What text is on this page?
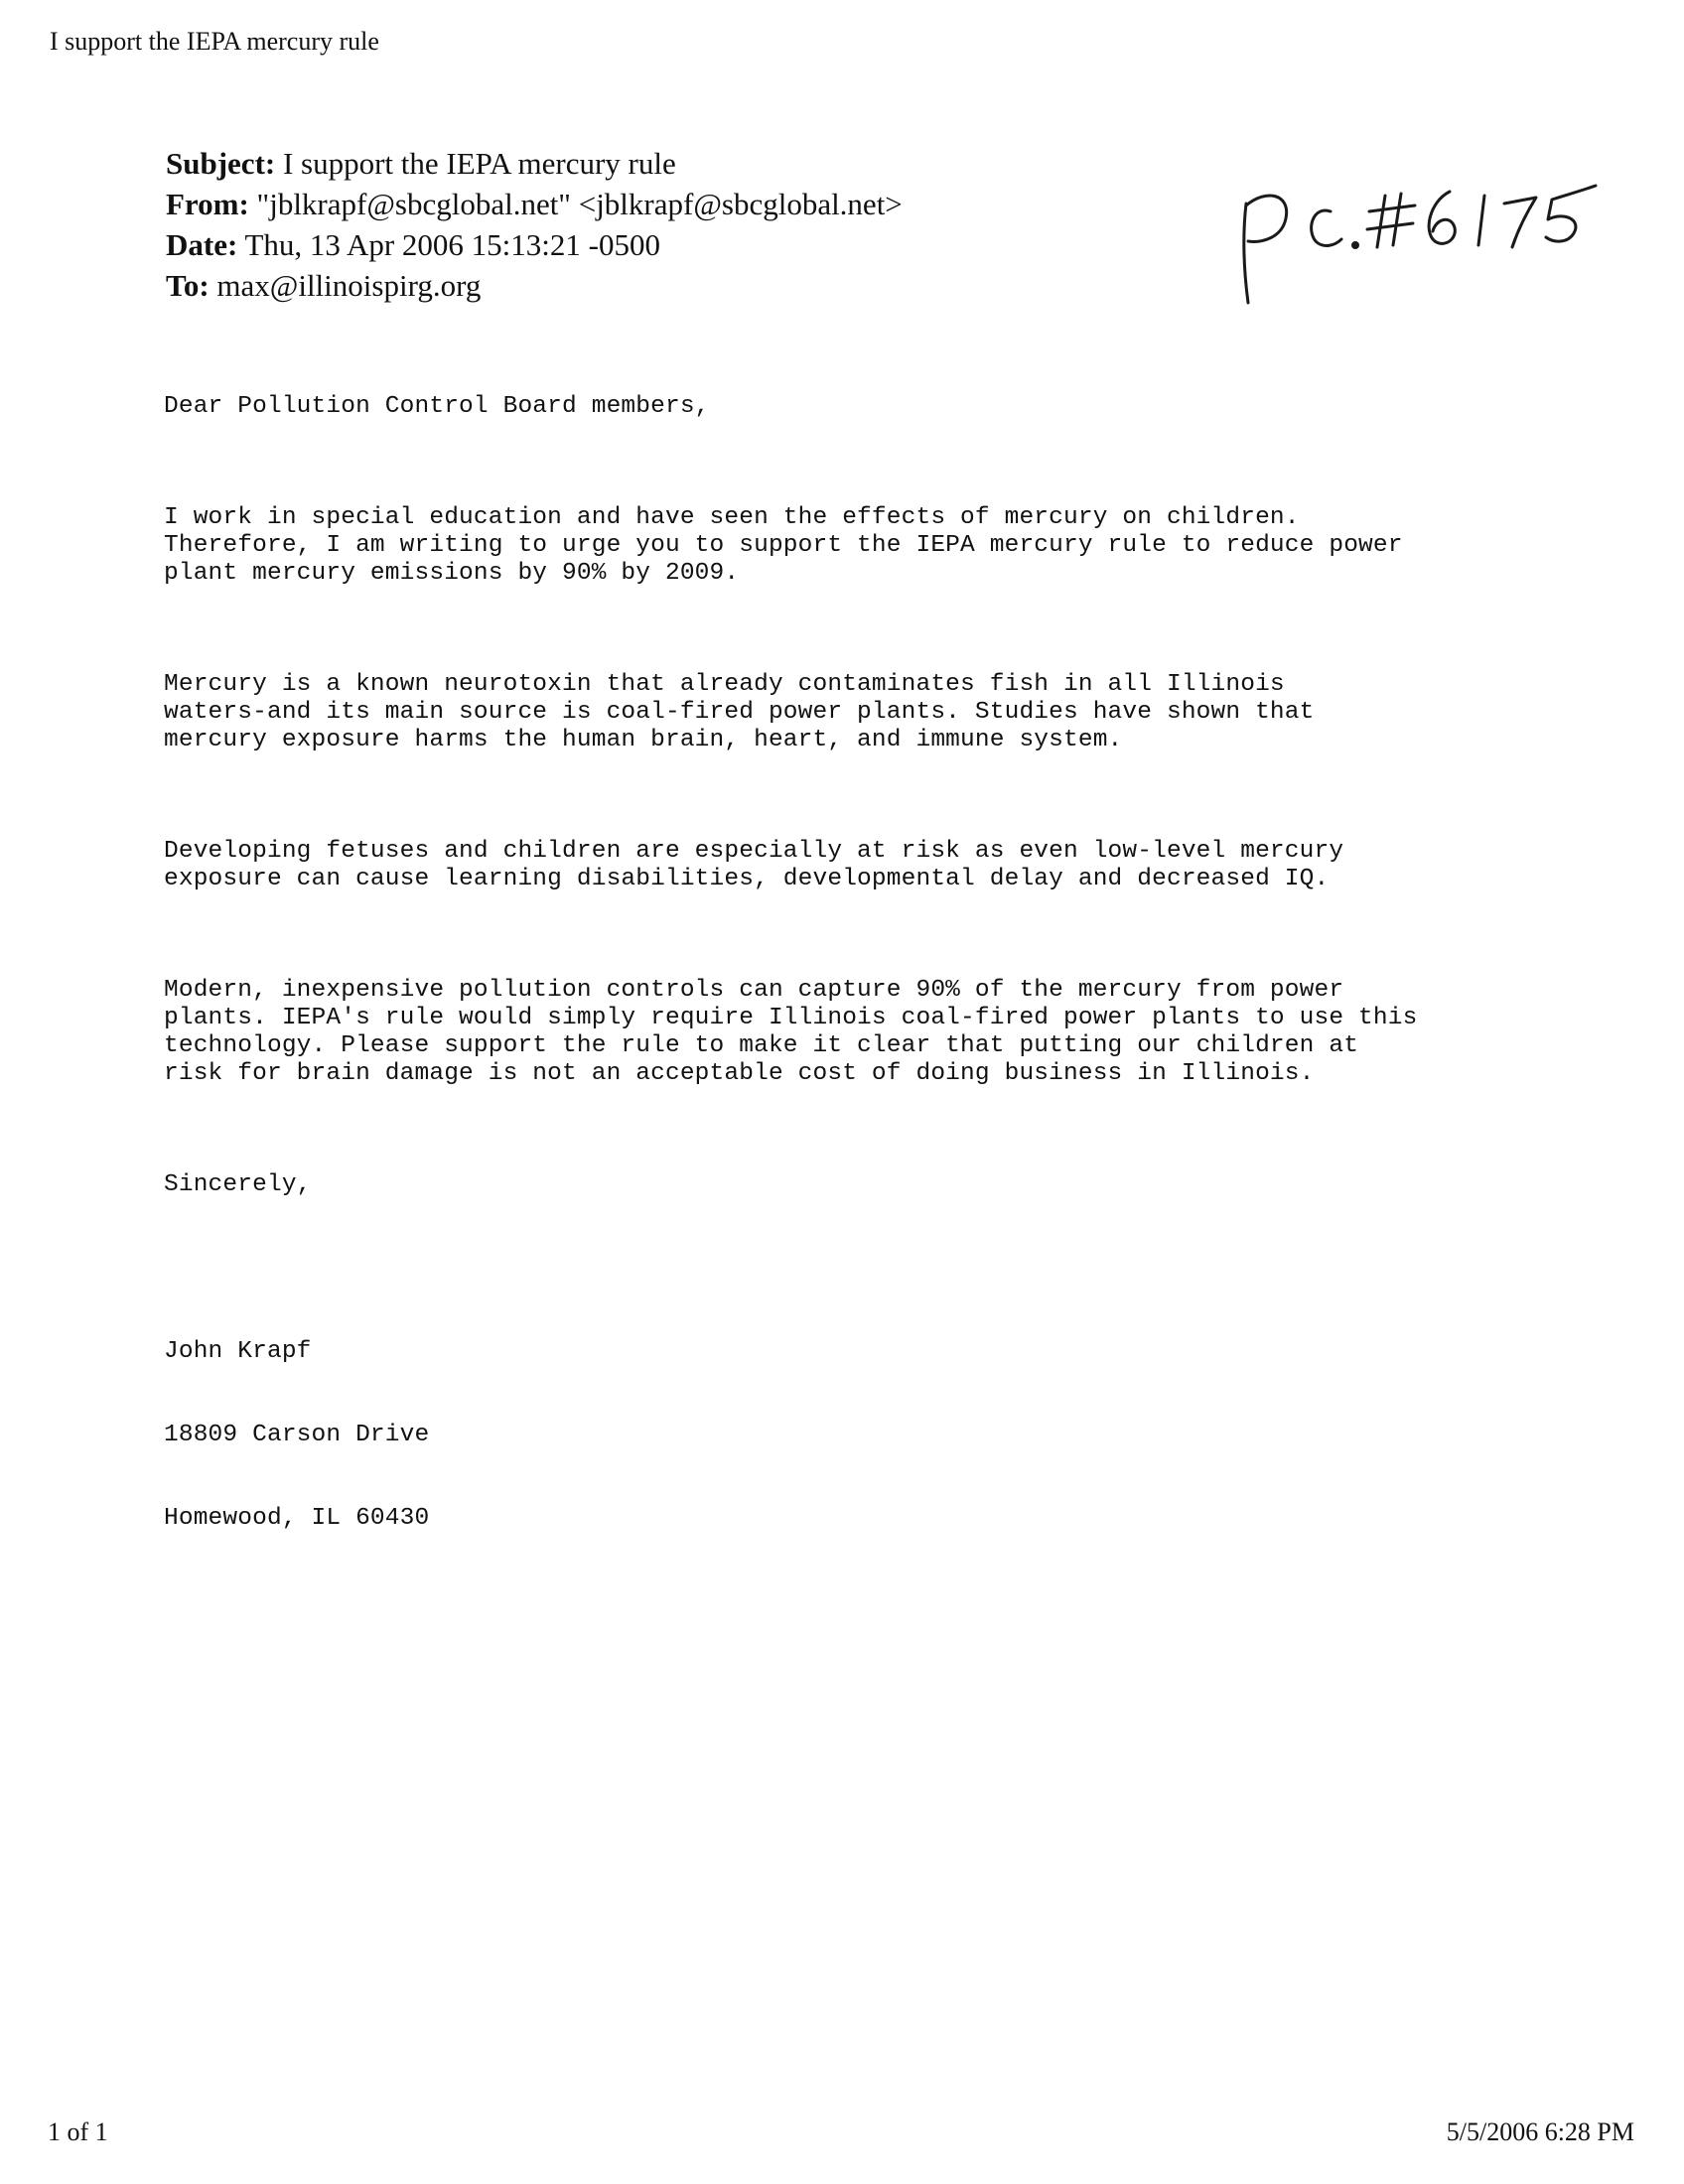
I support the IEPA mercury rule
Subject: I support the IEPA mercury rule
From: "jblkrapf@sbcglobal.net" <jblkrapf@sbcglobal.net>
Date: Thu, 13 Apr 2006 15:13:21 -0500
To: max@illinoispirg.org

Dear Pollution Control Board members,

I work in special education and have seen the effects of mercury on children.
Therefore, I am writing to urge you to support the IEPA mercury rule to reduce power
plant mercury emissions by 90% by 2009.

Mercury is a known neurotoxin that already contaminates fish in all Illinois
waters-and its main source is coal-fired power plants. Studies have shown that
mercury exposure harms the human brain, heart, and immune system.

Developing fetuses and children are especially at risk as even low-level mercury
exposure can cause learning disabilities, developmental delay and decreased IQ.

Modern, inexpensive pollution controls can capture 90% of the mercury from power
plants. IEPA's rule would simply require Illinois coal-fired power plants to use this
technology. Please support the rule to make it clear that putting our children at
risk for brain damage is not an acceptable cost of doing business in Illinois.

Sincerely,

John Krapf

18809 Carson Drive

Homewood, IL 60430

1 of 1	5/5/2006 6:28 PM
